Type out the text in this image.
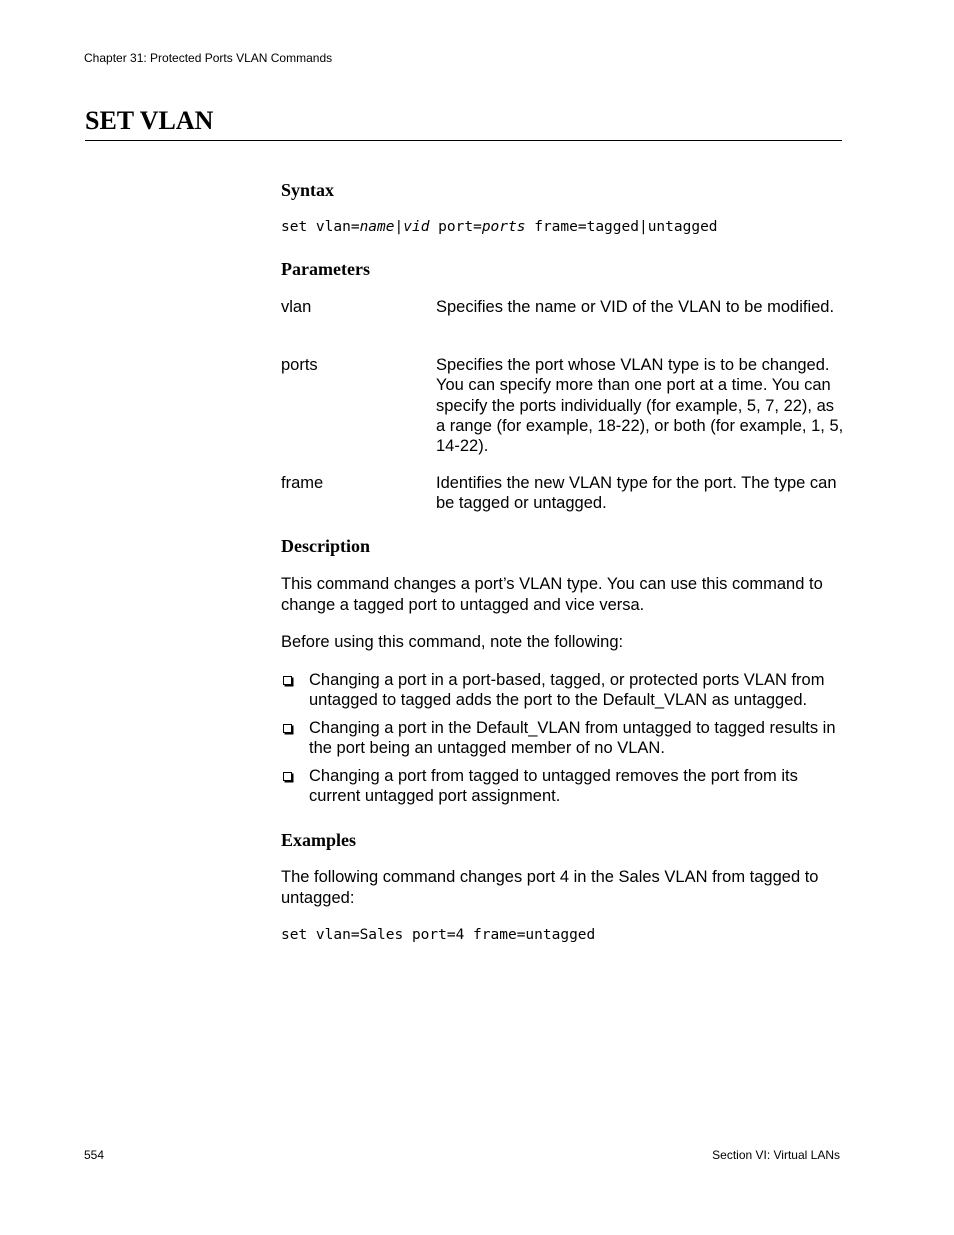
Chapter 31: Protected Ports VLAN Commands
SET VLAN
Syntax
set vlan=name|vid port=ports frame=tagged|untagged
Parameters
vlan	Specifies the name or VID of the VLAN to be modified.
ports	Specifies the port whose VLAN type is to be changed. You can specify more than one port at a time. You can specify the ports individually (for example, 5, 7, 22), as a range (for example, 18-22), or both (for example, 1, 5, 14-22).
frame	Identifies the new VLAN type for the port. The type can be tagged or untagged.
Description
This command changes a port’s VLAN type. You can use this command to change a tagged port to untagged and vice versa.
Before using this command, note the following:
Changing a port in a port-based, tagged, or protected ports VLAN from untagged to tagged adds the port to the Default_VLAN as untagged.
Changing a port in the Default_VLAN from untagged to tagged results in the port being an untagged member of no VLAN.
Changing a port from tagged to untagged removes the port from its current untagged port assignment.
Examples
The following command changes port 4 in the Sales VLAN from tagged to untagged:
set vlan=Sales port=4 frame=untagged
554	Section VI: Virtual LANs
